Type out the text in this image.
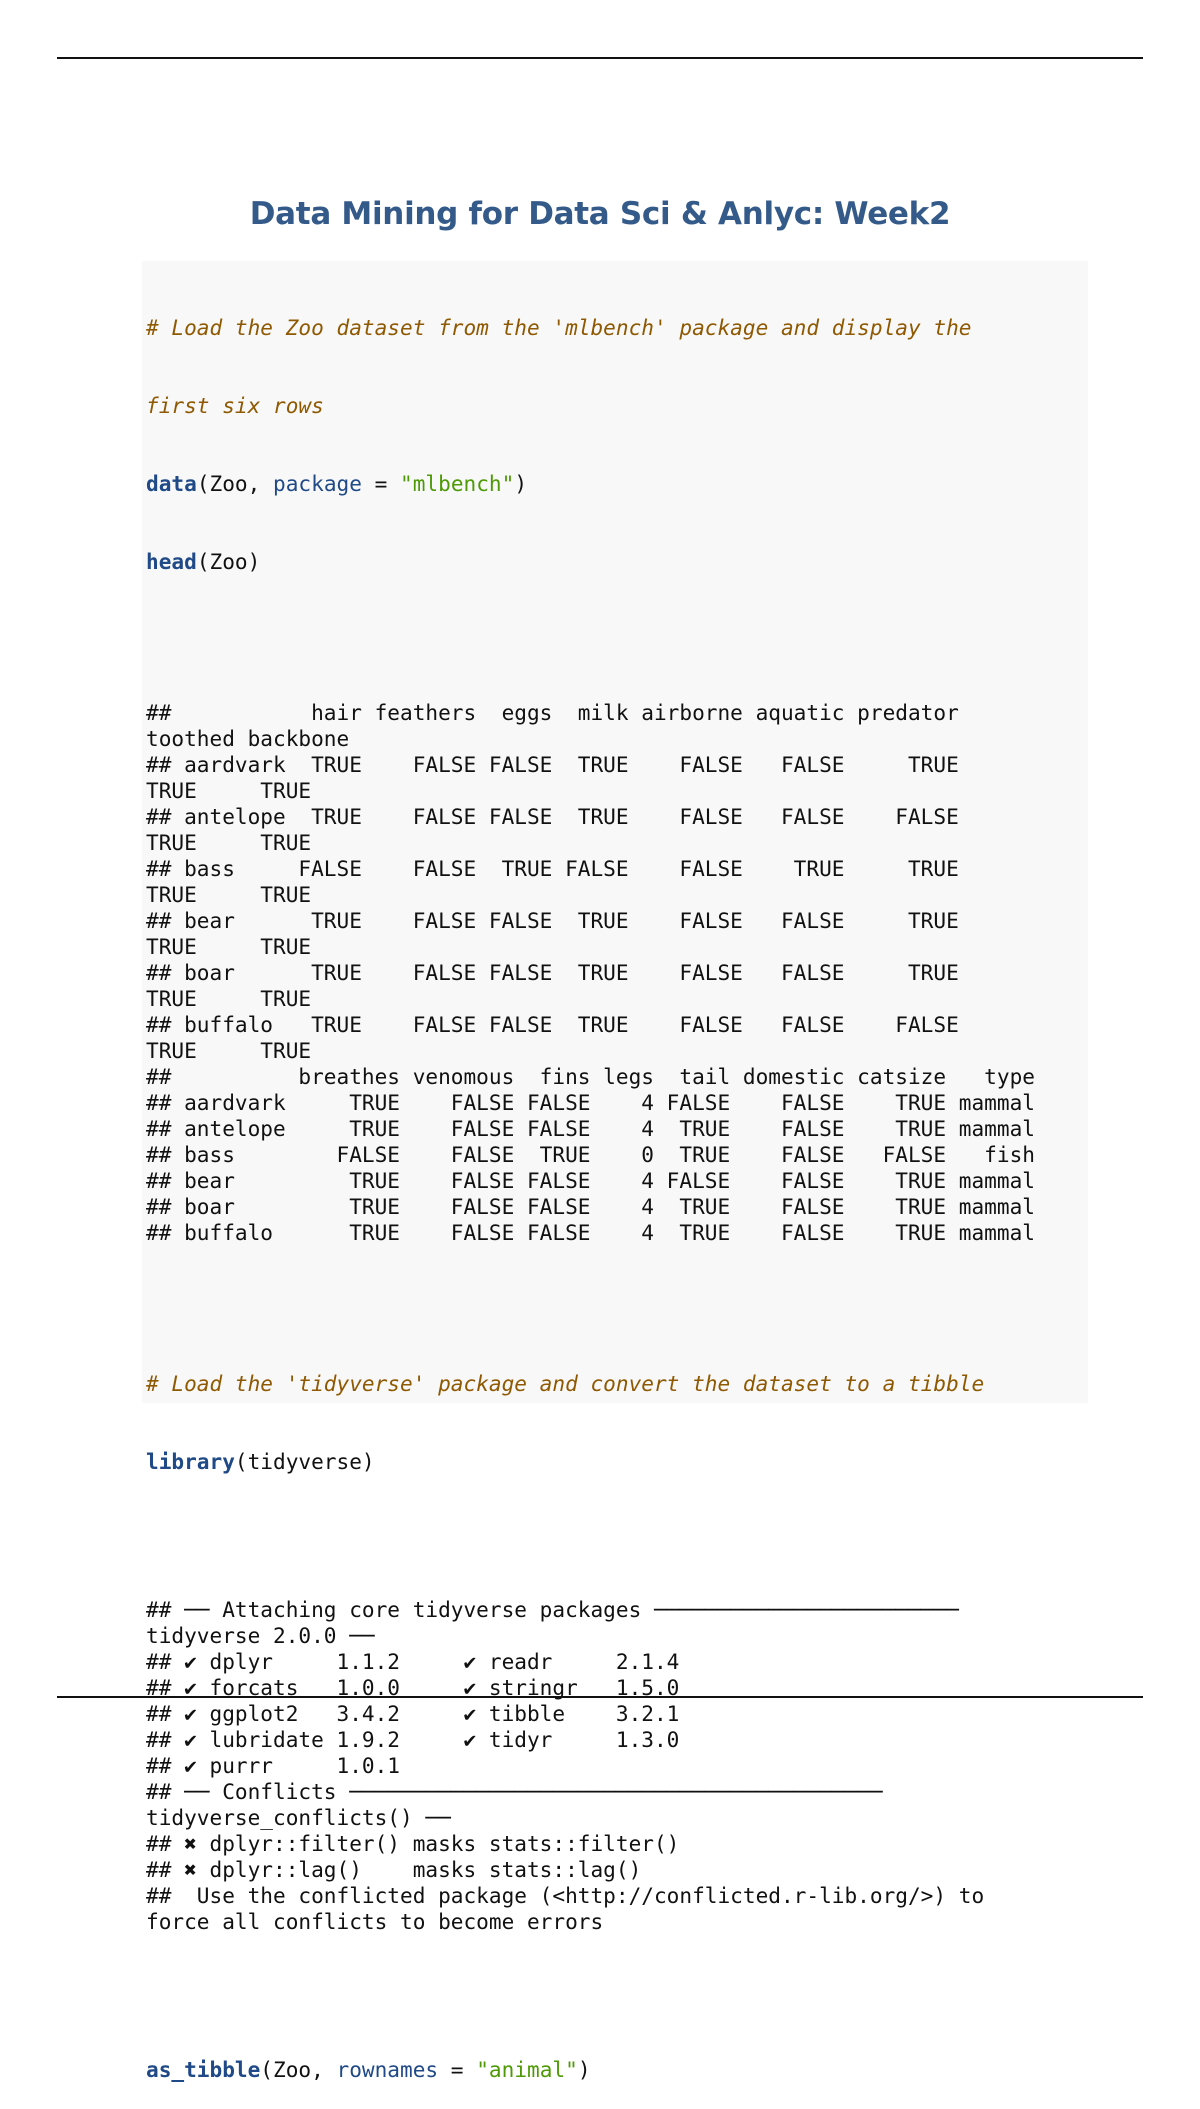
Data Mining for Data Sci & Anlyc: Week2

# Load the Zoo dataset from the 'mlbench' package and display the

first six rows

data(Zoo, package = "mlbench")

head(Zoo)

##           hair feathers  eggs  milk airborne aquatic predator
toothed backbone
## aardvark  TRUE    FALSE FALSE  TRUE    FALSE   FALSE     TRUE
TRUE     TRUE
## antelope  TRUE    FALSE FALSE  TRUE    FALSE   FALSE    FALSE
TRUE     TRUE
## bass     FALSE    FALSE  TRUE FALSE    FALSE    TRUE     TRUE
TRUE     TRUE
## bear      TRUE    FALSE FALSE  TRUE    FALSE   FALSE     TRUE
TRUE     TRUE
## boar      TRUE    FALSE FALSE  TRUE    FALSE   FALSE     TRUE
TRUE     TRUE
## buffalo   TRUE    FALSE FALSE  TRUE    FALSE   FALSE    FALSE
TRUE     TRUE
##          breathes venomous  fins legs  tail domestic catsize   type
## aardvark     TRUE    FALSE FALSE    4 FALSE    FALSE    TRUE mammal
## antelope     TRUE    FALSE FALSE    4  TRUE    FALSE    TRUE mammal
## bass        FALSE    FALSE  TRUE    0  TRUE    FALSE   FALSE   fish
## bear         TRUE    FALSE FALSE    4 FALSE    FALSE    TRUE mammal
## boar         TRUE    FALSE FALSE    4  TRUE    FALSE    TRUE mammal
## buffalo      TRUE    FALSE FALSE    4  TRUE    FALSE    TRUE mammal

# Load the 'tidyverse' package and convert the dataset to a tibble

library(tidyverse)

## ── Attaching core tidyverse packages ────────────────────────
tidyverse 2.0.0 ──
## ✔ dplyr     1.1.2     ✔ readr     2.1.4
## ✔ forcats   1.0.0     ✔ stringr   1.5.0
## ✔ ggplot2   3.4.2     ✔ tibble    3.2.1
## ✔ lubridate 1.9.2     ✔ tidyr     1.3.0
## ✔ purrr     1.0.1
## ── Conflicts ──────────────────────────────────────────
tidyverse_conflicts() ──
## ✖ dplyr::filter() masks stats::filter()
## ✖ dplyr::lag()    masks stats::lag()
##  Use the conflicted package (<http://conflicted.r-lib.org/>) to
force all conflicts to become errors

as_tibble(Zoo, rownames = "animal")
